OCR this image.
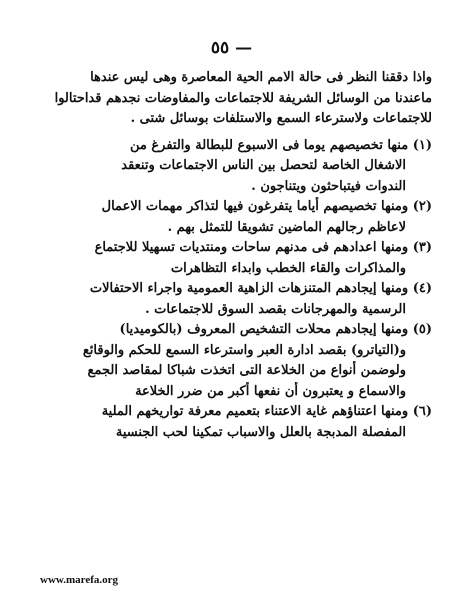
— ٥٥
واذا دققنا النظر فى حالة الامم الحية المعاصرة وهى ليس عندها
ماعندنا من الوسائل الشريفة للاجتماعات والمفاوضات نجدهم قداحتالوا
للاجتماعات ولاسترعاء السمع والاستلفات بوسائل شتى .
(١) منها تخصيصهم يوما فى الاسبوع للبطالة والتفرغ من
الاشغال الخاصة لتحصل بين الناس الاجتماعات وتنعقد
الندوات فيتباحثون ويتناجون .
(٢) ومنها تخصيصهم أياما يتفرغون فيها لتذاكر مهمات الاعمال
لاعاظم رجالهم الماضين تشويقا للتمثل بهم .
(٣) ومنها اعدادهم فى مدنهم ساحات ومنتديات تسهيلا للاجتماع
والمذاكرات والقاء الخطب وابداء التظاهرات
(٤) ومنها إيجادهم المتنزهات الزاهية العمومية واجراء الاحتفالات
الرسمية والمهرجانات بقصد السوق للاجتماعات .
(٥) ومنها إيجادهم محلات التشخيص المعروف (بالكوميديا)
و(التياترو) بقصد ادارة العبر واسترعاء السمع للحكم والوقائع
ولوضمن أنواع من الخلاعة التى اتخذت شباكا لمقاصد الجمع
والاسماع و يعتبرون أن نفعها أكبر من ضرر الخلاعة
(٦) ومنها اعتناؤهم غاية الاعتناء بتعميم معرفة تواريخهم الملية
المفصلة المدبجة بالعلل والاسباب تمكينا لحب الجنسية
www.marefa.org
